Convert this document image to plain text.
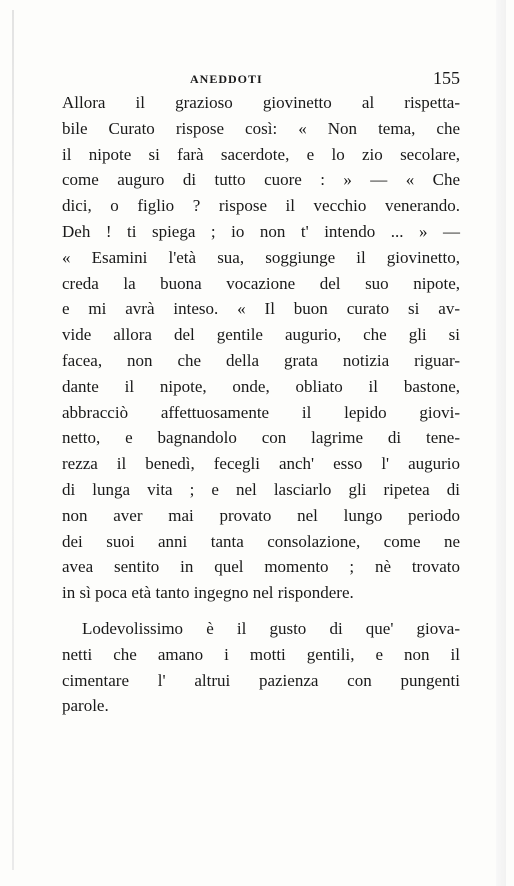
ANEDDOTI	155
Allora il grazioso giovinetto al rispetta-
bile Curato rispose così: « Non tema, che
il nipote si farà sacerdote, e lo zio secolare,
come auguro di tutto cuore : » — « Che
dici, o figlio ? rispose il vecchio venerando.
Deh ! ti spiega ; io non t' intendo ... » —
« Esamini l'età sua, soggiunge il giovinetto,
creda la buona vocazione del suo nipote,
e mi avrà inteso. « Il buon curato si av-
vide allora del gentile augurio, che gli si
facea, non che della grata notizia riguar-
dante il nipote, onde, obliato il bastone,
abbracciò affettuosamente il lepido giovi-
netto, e bagnandolo con lagrime di tene-
rezza il benedì, fecegli anch' esso l' augurio
di lunga vita ; e nel lasciarlo gli ripetea di
non aver mai provato nel lungo periodo
dei suoi anni tanta consolazione, come ne
avea sentito in quel momento ; nè trovato
in sì poca età tanto ingegno nel rispondere.
Lodevolissimo è il gusto di que' giova-
netti che amano i motti gentili, e non il
cimentare l' altrui pazienza con pungenti
parole.
